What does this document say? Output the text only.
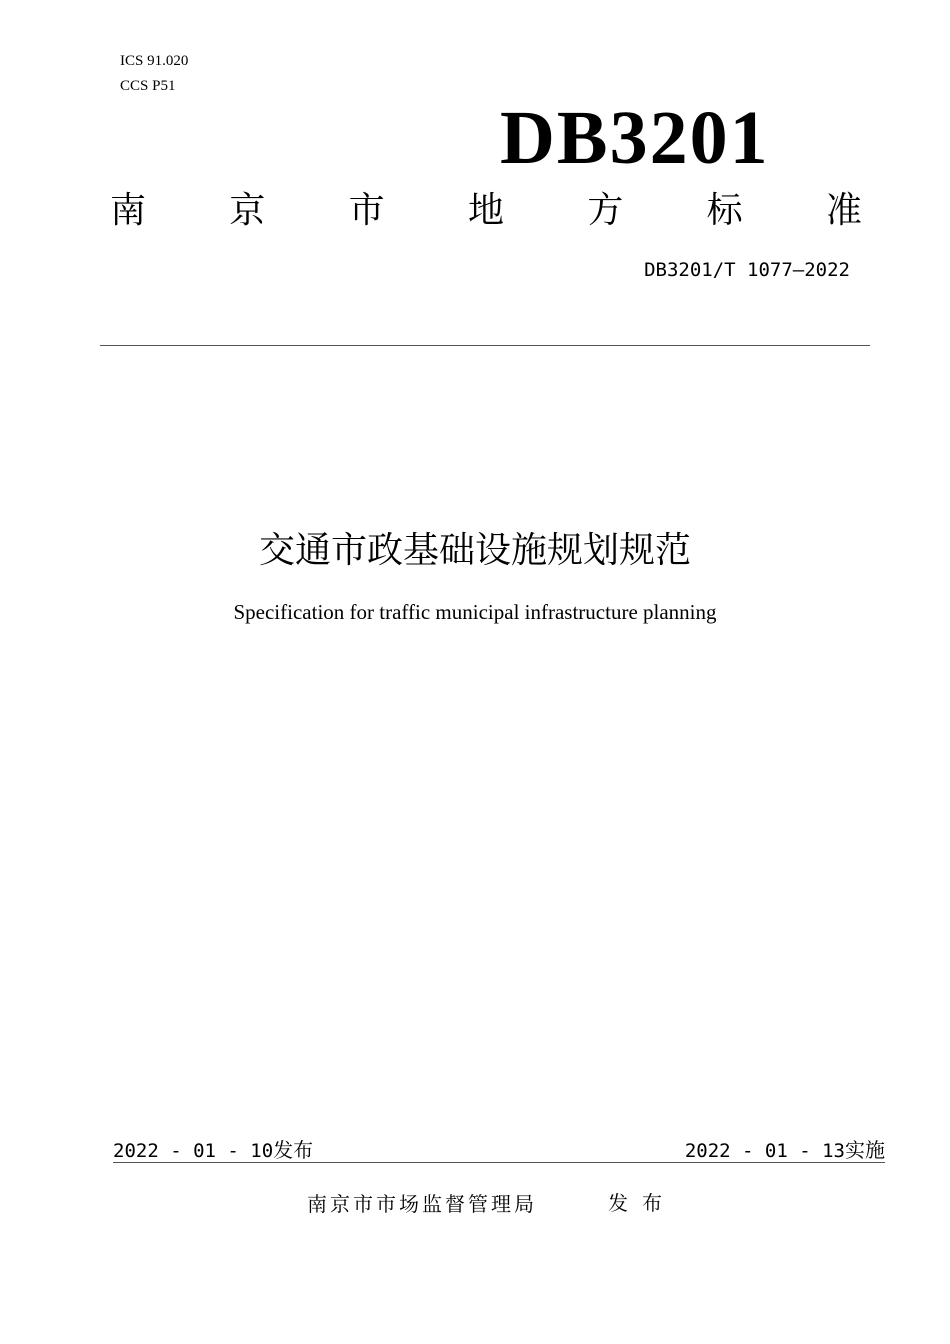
ICS 91.020
CCS P51
DB3201
南 京 市 地 方 标 准
DB3201/T 1077—2022
交通市政基础设施规划规范
Specification for traffic municipal infrastructure planning
2022 - 01 - 10发布	2022 - 01 - 13实施
南京市市场监督管理局	发布
